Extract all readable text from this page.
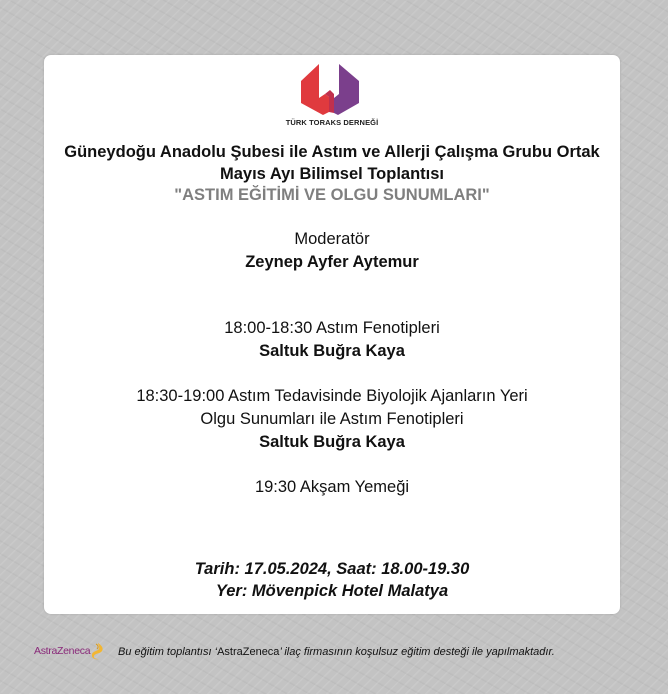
TÜRK TORAKS DERNEĞİ
Güneydoğu Anadolu Şubesi ile Astım ve Allerji Çalışma Grubu Ortak
Mayıs Ayı Bilimsel Toplantısı
"ASTIM EĞİTİMİ VE OLGU SUNUMLARI"
Moderatör
Zeynep Ayfer Aytemur
18:00-18:30 Astım Fenotipleri
Saltuk Buğra Kaya
18:30-19:00 Astım Tedavisinde Biyolojik Ajanların Yeri
Olgu Sunumları ile Astım Fenotipleri
Saltuk Buğra Kaya
19:30 Akşam Yemeği
Tarih: 17.05.2024, Saat: 18.00-19.30
Yer: Mövenpick Hotel Malatya
AstraZeneca	Bu eğitim toplantısı ‘AstraZeneca’ ilaç firmasının koşulsuz eğitim desteği ile yapılmaktadır.
